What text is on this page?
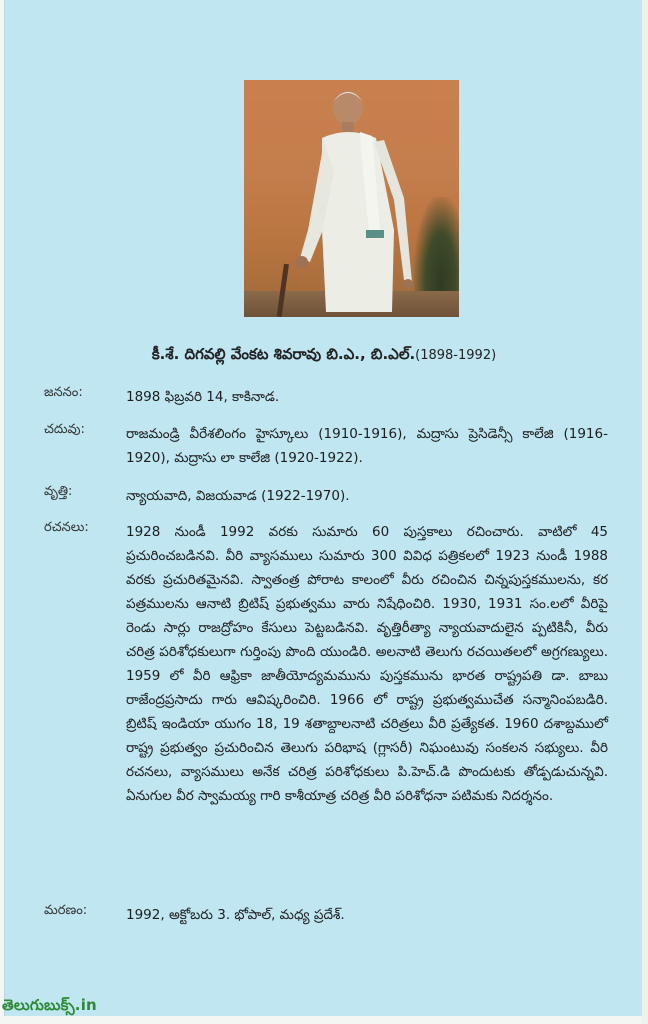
కీ.శే. దిగవల్లి వేంకట శివరావు బి.ఎ., బి.ఎల్.(1898-1992)
జననం:	1898 ఫిబ్రవరి 14, కాకినాడ.
చదువు:	రాజమండ్రి వీరేశలింగం హైస్కూలు (1910-1916), మద్రాసు ప్రెసిడెన్సీ కాలేజి (1916-1920), మద్రాసు లా కాలేజి (1920-1922).
వృత్తి:	న్యాయవాది, విజయవాడ (1922-1970).
రచనలు:	1928 నుండీ 1992 వరకు సుమారు 60 పుస్తకాలు రచించారు. వాటిలో 45 ప్రచురించబడినవి. వీరి వ్యాసములు సుమారు 300 వివిధ పత్రికలలో 1923 నుండీ 1988 వరకు ప్రచురితమైనవి. స్వాతంత్ర పోరాట కాలంలో వీరు రచించిన చిన్నపుస్తకములను, కర పత్రములను ఆనాటి బ్రిటిష్ ప్రభుత్వము వారు నిషేధించిరి. 1930, 1931 సం.లలో వీరిపై రెండు సార్లు రాజద్రోహం కేసులు పెట్టబడినవి. వృత్తిరీత్యా న్యాయవాదులైన ప్పటికినీ, వీరు చరిత్ర పరిశోధకులుగా గుర్తింపు పొంది యుండిరి. అలనాటి తెలుగు రచయితలలో అగ్రగణ్యులు. 1959 లో వీరి ఆఫ్రికా జాతీయోద్యమమును పుస్తకమును భారత రాష్ట్రపతి డా. బాబు రాజేంద్రప్రసాదు గారు ఆవిష్కరించిరి. 1966 లో రాష్ట్ర ప్రభుత్వముచేత సన్మానింపబడిరి. బ్రిటిష్ ఇండియా యుగం 18, 19 శతాబ్దాలనాటి చరిత్రలు వీరి ప్రత్యేకత. 1960 దశాబ్దములో రాష్ట్ర ప్రభుత్వం ప్రచురించిన తెలుగు పరిభాష (గ్లాసరీ) నిఘంటువు సంకలన సభ్యులు. వీరి రచనలు, వ్యాసములు అనేక చరిత్ర పరిశోధకులు పి.హెచ్.డి పొందుటకు తోడ్పడుచున్నవి. ఏనుగుల వీర స్వామయ్య గారి కాశీయాత్ర చరిత్ర వీరి పరిశోధనా పటిమకు నిదర్శనం.
మరణం:	1992, అక్టోబరు 3. భోపాల్, మధ్య ప్రదేశ్.
తెలుగుబుక్స్.in
